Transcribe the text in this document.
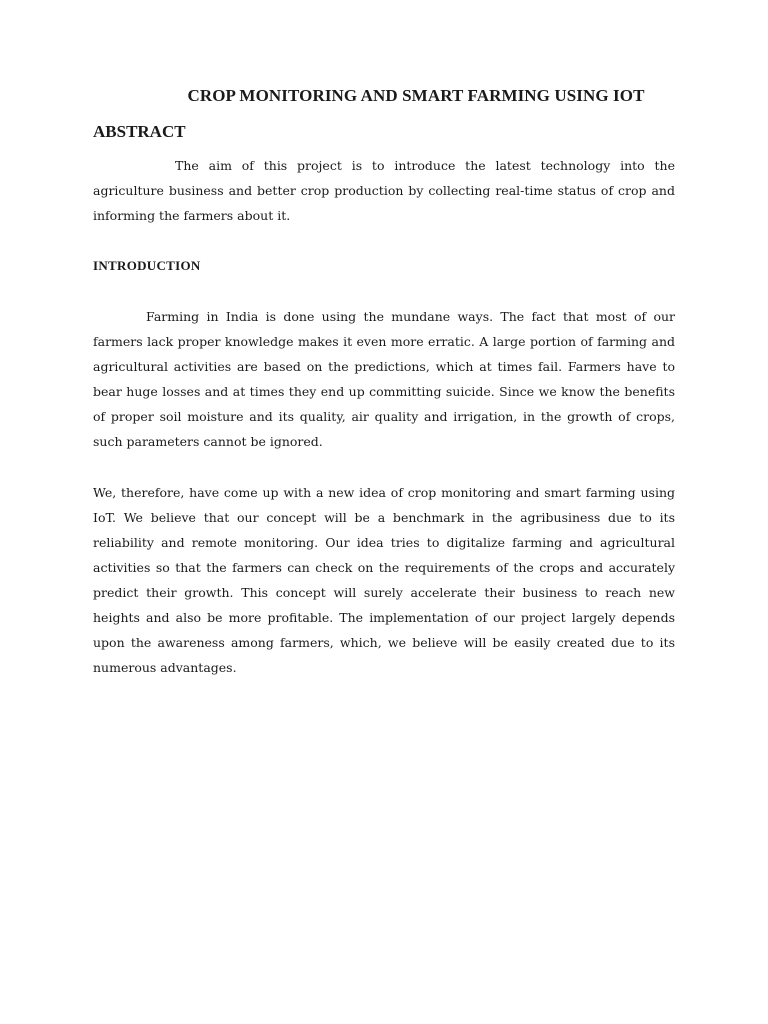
CROP MONITORING AND SMART FARMING USING IOT
ABSTRACT

The aim of this project is to introduce the latest technology into the agriculture business and better crop production by collecting real-time status of crop and informing the farmers about it.

INTRODUCTION

Farming in India is done using the mundane ways. The fact that most of our farmers lack proper knowledge makes it even more erratic. A large portion of farming and agricultural activities are based on the predictions, which at times fail. Farmers have to bear huge losses and at times they end up committing suicide. Since we know the benefits of proper soil moisture and its quality, air quality and irrigation, in the growth of crops, such parameters cannot be ignored.

We, therefore, have come up with a new idea of crop monitoring and smart farming using IoT. We believe that our concept will be a benchmark in the agribusiness due to its reliability and remote monitoring. Our idea tries to digitalize farming and agricultural activities so that the farmers can check on the requirements of the crops and accurately predict their growth. This concept will surely accelerate their business to reach new heights and also be more profitable. The implementation of our project largely depends upon the awareness among farmers, which, we believe will be easily created due to its numerous advantages.
